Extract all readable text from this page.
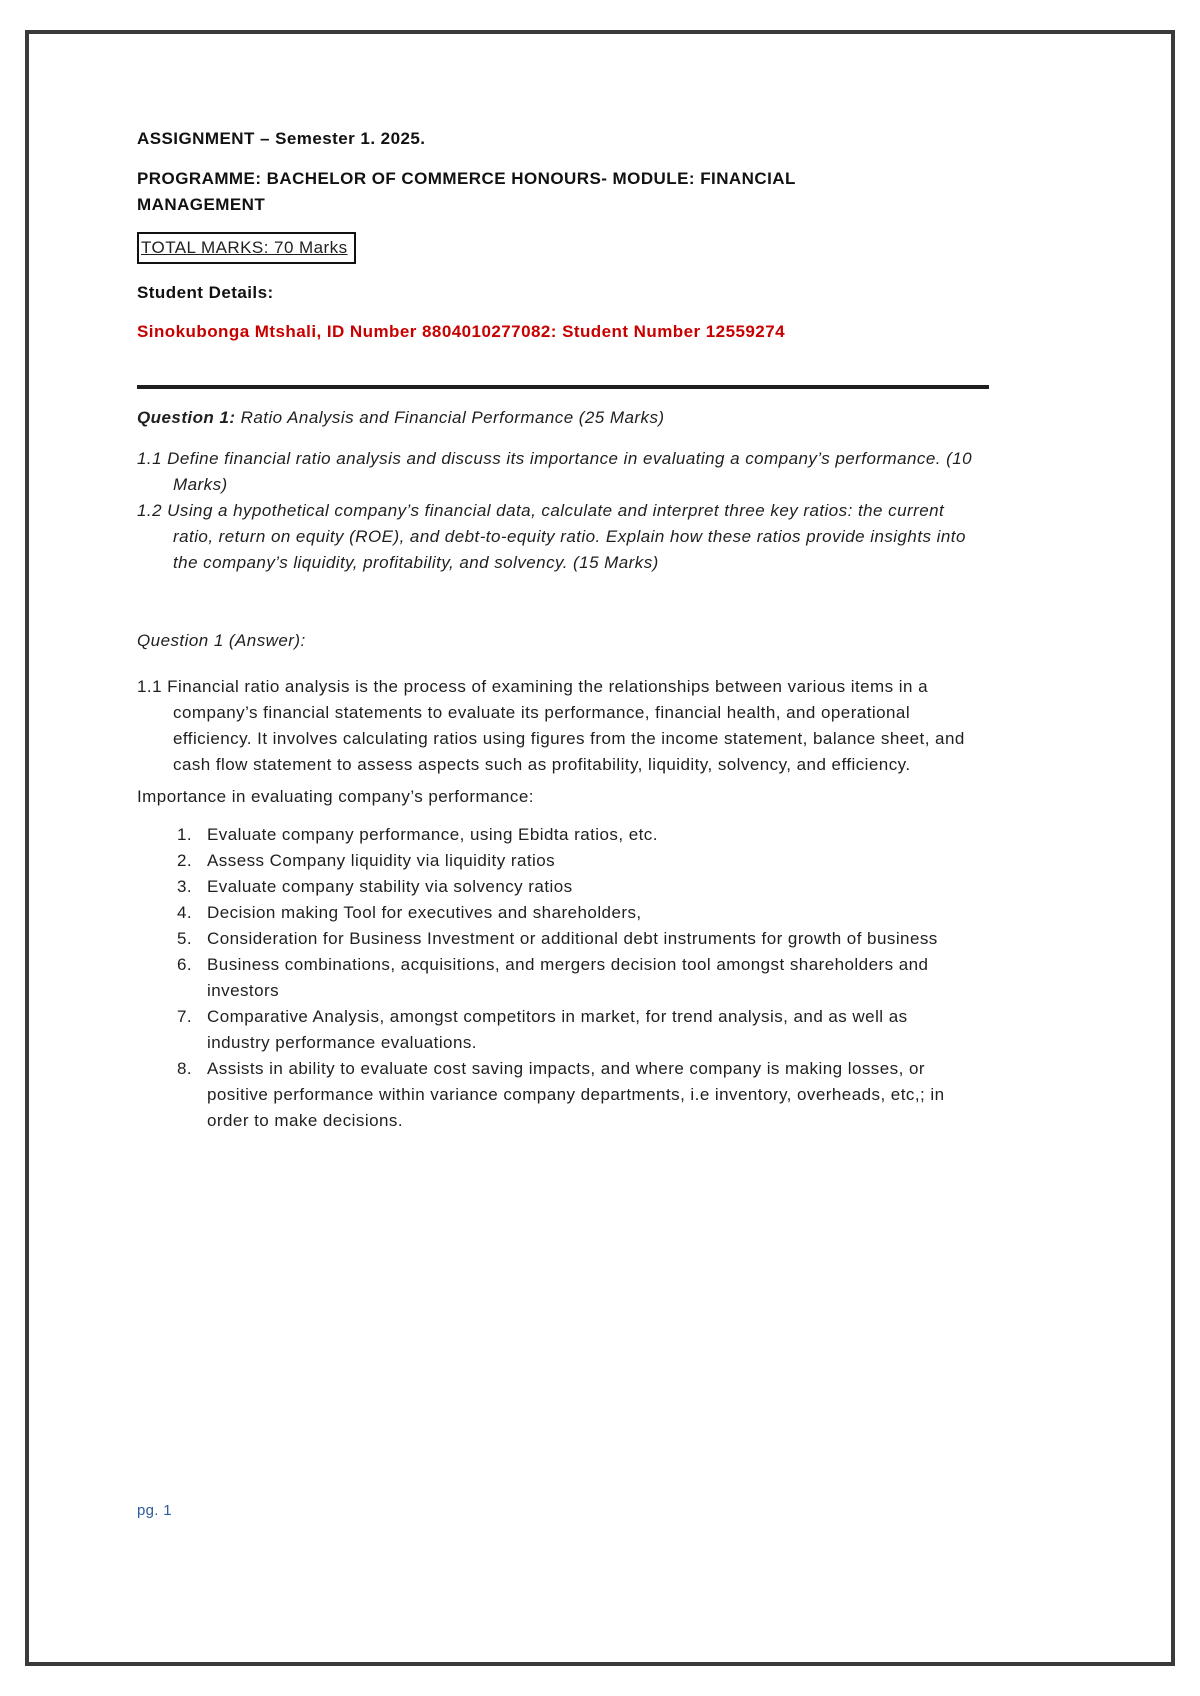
ASSIGNMENT – Semester 1. 2025.

PROGRAMME: BACHELOR OF COMMERCE HONOURS- MODULE: FINANCIAL
MANAGEMENT

TOTAL MARKS: 70 Marks

Student Details:

Sinokubonga Mtshali, ID Number 8804010277082: Student Number 12559274

Question 1: Ratio Analysis and Financial Performance (25 Marks)

1.1 Define financial ratio analysis and discuss its importance in evaluating a company’s performance. (10 Marks)

1.2 Using a hypothetical company’s financial data, calculate and interpret three key ratios: the current ratio, return on equity (ROE), and debt-to-equity ratio. Explain how these ratios provide insights into the company’s liquidity, profitability, and solvency. (15 Marks)

Question 1 (Answer):

1.1 Financial ratio analysis is the process of examining the relationships between various items in a company’s financial statements to evaluate its performance, financial health, and operational efficiency. It involves calculating ratios using figures from the income statement, balance sheet, and cash flow statement to assess aspects such as profitability, liquidity, solvency, and efficiency.

Importance in evaluating company’s performance:

1. Evaluate company performance, using Ebidta ratios, etc.
2. Assess Company liquidity via liquidity ratios
3. Evaluate company stability via solvency ratios
4. Decision making Tool for executives and shareholders,
5. Consideration for Business Investment or additional debt instruments for growth of business
6. Business combinations, acquisitions, and mergers decision tool amongst shareholders and investors
7. Comparative Analysis, amongst competitors in market, for trend analysis, and as well as industry performance evaluations.
8. Assists in ability to evaluate cost saving impacts, and where company is making losses, or positive performance within variance company departments, i.e inventory, overheads, etc,; in order to make decisions.
pg. 1
